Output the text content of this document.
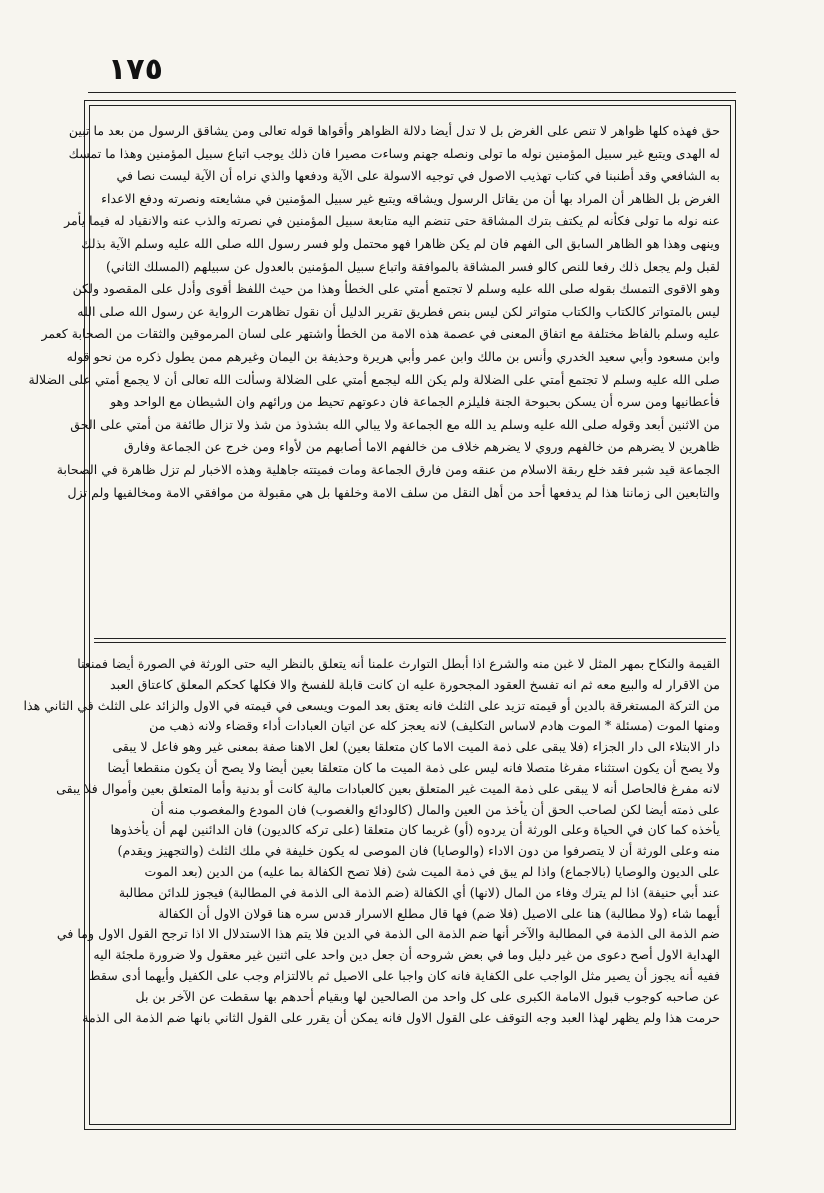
١٧٥
حق فهذه كلها ظواهر لا تنص على الغرض بل لا تدل أيضا دلالة الظواهر وأقواها قوله تعالى ومن يشاقق الرسول من بعد ما تبين
له الهدى ويتبع غير سبيل المؤمنين نوله ما تولى ونصله جهنم وساءت مصيرا فان ذلك يوجب اتباع سبيل المؤمنين وهذا ما تمسك
به الشافعي وقد أطنبنا في كتاب تهذيب الاصول في توجيه الاسولة على الآية ودفعها والذي نراه أن الآية ليست نصا في
الغرض بل الظاهر أن المراد بها أن من يقاتل الرسول ويشاقه ويتبع غير سبيل المؤمنين في مشايعته ونصرته ودفع الاعداء
عنه نوله ما تولى فكأنه لم يكتف بترك المشاقة حتى تنضم اليه متابعة سبيل المؤمنين في نصرته والذب عنه والانقياد له فيما يأمر
وينهى وهذا هو الظاهر السابق الى الفهم فان لم يكن ظاهرا فهو محتمل ولو فسر رسول الله صلى الله عليه وسلم الآية بذلك
لقبل ولم يجعل ذلك رفعا للنص كالو فسر المشاقة بالموافقة واتباع سبيل المؤمنين بالعدول عن سبيلهم (المسلك الثاني)
وهو الاقوى التمسك بقوله صلى الله عليه وسلم لا تجتمع أمتي على الخطأ وهذا من حيث اللفظ أقوى وأدل على المقصود ولكن
ليس بالمتواتر كالكتاب والكتاب متواتر لكن ليس بنص فطريق تقرير الدليل أن نقول تظاهرت الرواية عن رسول الله صلى الله
عليه وسلم بالفاظ مختلفة مع اتفاق المعنى في عصمة هذه الامة من الخطأ واشتهر على لسان المرموقين والثقات من الصحابة كعمر
وابن مسعود وأبي سعيد الخدري وأنس بن مالك وابن عمر وأبي هريرة وحذيفة بن اليمان وغيرهم ممن يطول ذكره من نحو قوله
صلى الله عليه وسلم لا تجتمع أمتي على الضلالة ولم يكن الله ليجمع أمتي على الضلالة وسألت الله تعالى أن لا يجمع أمتي على الضلالة
فأعطانيها ومن سره أن يسكن بحبوحة الجنة فليلزم الجماعة فان دعوتهم تحيط من ورائهم وان الشيطان مع الواحد وهو
من الاثنين أبعد وقوله صلى الله عليه وسلم يد الله مع الجماعة ولا يبالي الله بشذوذ من شذ ولا تزال طائفة من أمتي على الحق
ظاهرين لا يضرهم من خالفهم وروي لا يضرهم خلاف من خالفهم الاما أصابهم من لأواء ومن خرج عن الجماعة وفارق
الجماعة قيد شبر فقد خلع ربقة الاسلام من عنقه ومن فارق الجماعة ومات فميتته جاهلية وهذه الاخبار لم تزل ظاهرة في الصحابة
والتابعين الى زماننا هذا لم يدفعها أحد من أهل النقل من سلف الامة وخلفها بل هي مقبولة من موافقي الامة ومخالفيها ولم تزل
القيمة والنكاح بمهر المثل لا غبن منه والشرع اذا أبطل التوارث علمنا أنه يتعلق بالنظر اليه حتى الورثة في الصورة أيضا فمنعنا
من الاقرار له والبيع معه ثم انه تفسخ العقود المجحورة عليه ان كانت قابلة للفسخ والا فكلها كحكم المعلق كاعتاق العبد
من التركة المستغرقة بالدين أو قيمته تزيد على الثلث فانه يعتق بعد الموت ويسعى في قيمته في الاول والزائد على الثلث في الثاني هذا
ومنها الموت (مسئلة * الموت هادم لاساس التكليف) لانه يعجز كله عن اتيان العبادات أداء وقضاء ولانه ذهب من
دار الابتلاء الى دار الجزاء (فلا يبقى على ذمة الميت الاما كان متعلقا بعين) لعل الاهنا صفة بمعنى غير وهو فاعل لا يبقى
ولا يصح أن يكون استثناء مفرغا متصلا فانه ليس على ذمة الميت ما كان متعلقا بعين أيضا ولا يصح أن يكون منقطعا أيضا
لانه مفرغ فالحاصل أنه لا يبقى على ذمة الميت غير المتعلق بعين كالعبادات مالية كانت أو بدنية وأما المتعلق بعين وأموال فلا يبقى
على ذمته أيضا لكن لصاحب الحق أن يأخذ من العين والمال (كالودائع والغصوب) فان المودع والمغصوب منه أن
يأخذه كما كان في الحياة وعلى الورثة أن يردوه (أو) غريما كان متعلقا (على تركه كالديون) فان الدائنين لهم أن يأخذوها
منه وعلى الورثة أن لا يتصرفوا من دون الاداء (والوصايا) فان الموصى له يكون خليفة في ملك الثلث (والتجهيز ويقدم)
على الديون والوصايا (بالاجماع) واذا لم يبق في ذمة الميت شئ (فلا تصح الكفالة بما عليه) من الدين (بعد الموت
عند أبي حنيفة) اذا لم يترك وفاء من المال (لانها) أي الكفالة (ضم الذمة الى الذمة في المطالبة) فيجوز للدائن مطالبة
أيهما شاء (ولا مطالبة) هنا على الاصيل (فلا ضم) فها قال مطلع الاسرار قدس سره هنا قولان الاول أن الكفالة
ضم الذمة الى الذمة في المطالبة والآخر أنها ضم الذمة الى الذمة في الدين فلا يتم هذا الاستدلال الا اذا ترجح القول الاول وما في
الهداية الاول أصح دعوى من غير دليل وما في بعض شروحه أن جعل دين واحد على اثنين غير معقول ولا ضرورة ملجئة اليه
ففيه أنه يجوز أن يصير مثل الواجب على الكفاية فانه كان واجبا على الاصيل ثم بالالتزام وجب على الكفيل وأيهما أدى سقط
عن صاحبه كوجوب قبول الامامة الكبرى على كل واحد من الصالحين لها وبقيام أحدهم بها سقطت عن الآخر بن بل
حرمت هذا ولم يظهر لهذا العبد وجه التوقف على القول الاول فانه يمكن أن يقرر على القول الثاني بانها ضم الذمة الى الذمة
